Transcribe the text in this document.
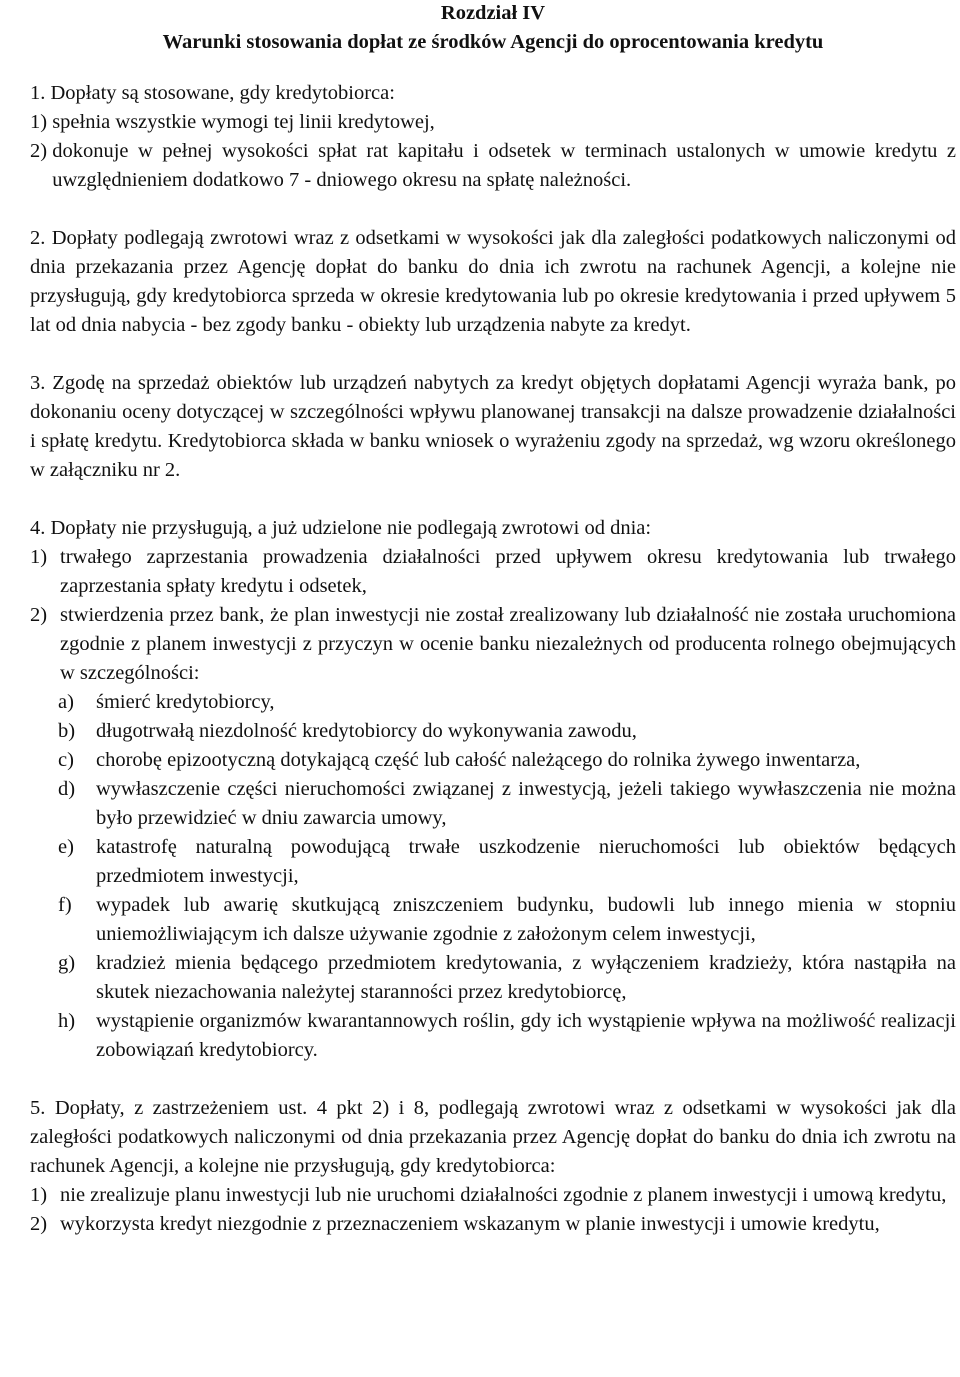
Rozdział IV

Warunki stosowania dopłat ze środków Agencji do oprocentowania kredytu

1. Dopłaty są stosowane, gdy kredytobiorca:

1) spełnia wszystkie wymogi tej linii kredytowej,
2) dokonuje w pełnej wysokości spłat rat kapitału i odsetek w terminach ustalonych w umowie kredytu z uwzględnieniem dodatkowo 7 - dniowego okresu na spłatę należności.

2. Dopłaty podlegają zwrotowi wraz z odsetkami w wysokości jak dla zaległości podatkowych naliczonymi od dnia przekazania przez Agencję dopłat do banku do dnia ich zwrotu na rachunek Agencji, a kolejne nie przysługują, gdy kredytobiorca sprzeda w okresie kredytowania lub po okresie kredytowania i przed upływem 5 lat od dnia nabycia - bez zgody banku - obiekty lub urządzenia nabyte za kredyt.

3. Zgodę na sprzedaż obiektów lub urządzeń nabytych za kredyt objętych dopłatami Agencji wyraża bank, po dokonaniu oceny dotyczącej w szczególności wpływu planowanej transakcji na dalsze prowadzenie działalności i spłatę kredytu. Kredytobiorca składa w banku wniosek o wyrażeniu zgody na sprzedaż, wg wzoru określonego w załączniku nr 2.

4. Dopłaty nie przysługują, a już udzielone nie podlegają zwrotowi od dnia:

1) trwałego zaprzestania prowadzenia działalności przed upływem okresu kredytowania lub trwałego zaprzestania spłaty kredytu i odsetek,
2) stwierdzenia przez bank, że plan inwestycji nie został zrealizowany lub działalność nie została uruchomiona zgodnie z planem inwestycji z przyczyn w ocenie banku niezależnych od producenta rolnego obejmujących w szczególności:
a)	śmierć kredytobiorcy,
b)	długotrwałą niezdolność kredytobiorcy do wykonywania zawodu,
c)	chorobę epizootyczną dotykającą część lub całość należącego do rolnika żywego inwentarza,
d)	wywłaszczenie części nieruchomości związanej z inwestycją, jeżeli takiego wywłaszczenia nie można było przewidzieć w dniu zawarcia umowy,
e)	katastrofę naturalną powodującą trwałe uszkodzenie nieruchomości lub obiektów będących przedmiotem inwestycji,
f)	wypadek lub awarię skutkującą zniszczeniem budynku, budowli lub innego mienia w stopniu uniemożliwiającym ich dalsze używanie zgodnie z założonym celem inwestycji,
g)	kradzież mienia będącego przedmiotem kredytowania, z wyłączeniem kradzieży, która nastąpiła na skutek niezachowania należytej staranności przez kredytobiorcę,
h)	wystąpienie organizmów kwarantannowych roślin, gdy ich wystąpienie wpływa na możliwość realizacji zobowiązań kredytobiorcy.

5. Dopłaty, z zastrzeżeniem ust. 4 pkt 2) i 8, podlegają zwrotowi wraz z odsetkami w wysokości jak dla zaległości podatkowych naliczonymi od dnia przekazania przez Agencję dopłat do banku do dnia ich zwrotu na rachunek Agencji, a kolejne nie przysługują, gdy kredytobiorca:

1) nie zrealizuje planu inwestycji lub nie uruchomi działalności zgodnie z planem inwestycji i umową kredytu,
2) wykorzysta kredyt niezgodnie z przeznaczeniem wskazanym w planie inwestycji i umowie kredytu,
